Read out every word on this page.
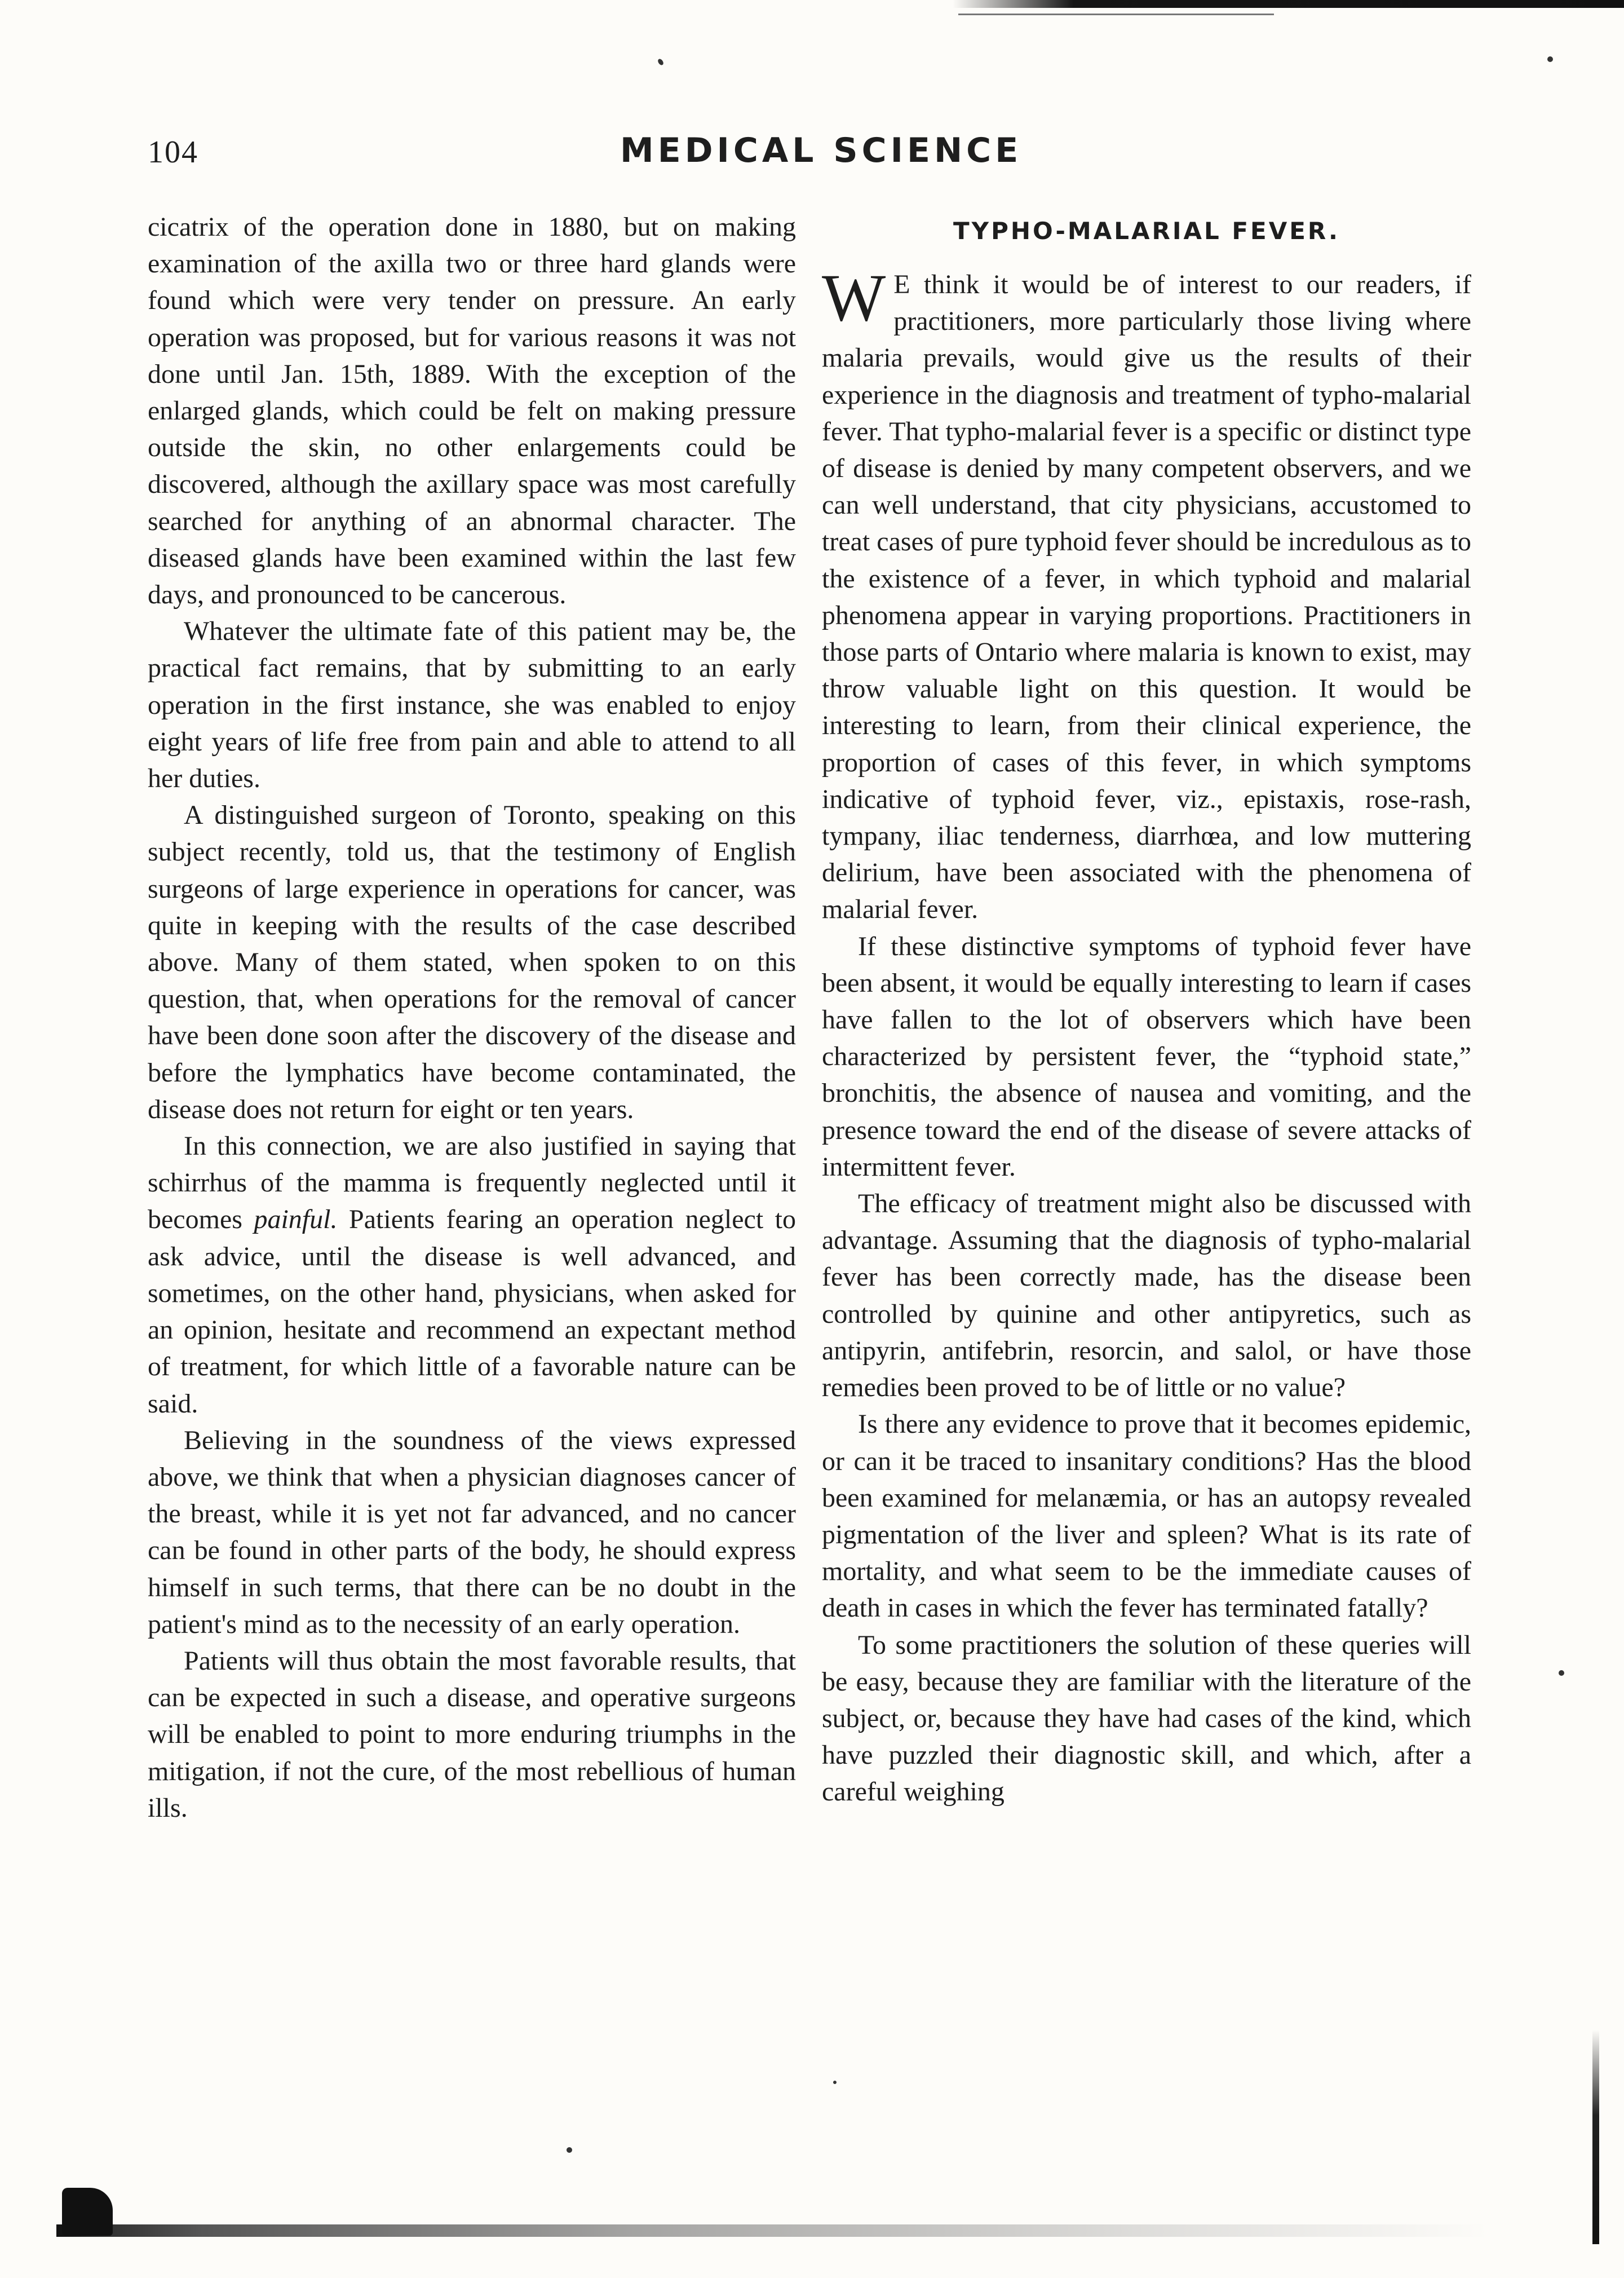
104	MEDICAL SCIENCE

cicatrix of the operation done in 1880, but on making examination of the axilla two or three hard glands were found which were very tender on pressure. An early operation was proposed, but for various reasons it was not done until Jan. 15th, 1889. With the exception of the enlarged glands, which could be felt on making pressure outside the skin, no other enlargements could be discovered, although the axillary space was most carefully searched for anything of an abnormal character. The diseased glands have been examined within the last few days, and pronounced to be cancerous.

Whatever the ultimate fate of this patient may be, the practical fact remains, that by submitting to an early operation in the first instance, she was enabled to enjoy eight years of life free from pain and able to attend to all her duties.

A distinguished surgeon of Toronto, speaking on this subject recently, told us, that the testimony of English surgeons of large experience in operations for cancer, was quite in keeping with the results of the case described above. Many of them stated, when spoken to on this question, that, when operations for the removal of cancer have been done soon after the discovery of the disease and before the lymphatics have become contaminated, the disease does not return for eight or ten years.

In this connection, we are also justified in saying that schirrhus of the mamma is frequently neglected until it becomes painful. Patients fearing an operation neglect to ask advice, until the disease is well advanced, and sometimes, on the other hand, physicians, when asked for an opinion, hesitate and recommend an expectant method of treatment, for which little of a favorable nature can be said.

Believing in the soundness of the views expressed above, we think that when a physician diagnoses cancer of the breast, while it is yet not far advanced, and no cancer can be found in other parts of the body, he should express himself in such terms, that there can be no doubt in the patient's mind as to the necessity of an early operation.

Patients will thus obtain the most favorable results, that can be expected in such a disease, and operative surgeons will be enabled to point to more enduring triumphs in the mitigation, if not the cure, of the most rebellious of human ills.

TYPHO-MALARIAL FEVER.

W E think it would be of interest to our readers, if practitioners, more particularly those living where malaria prevails, would give us the results of their experience in the diagnosis and treatment of typho-malarial fever. That typho-malarial fever is a specific or distinct type of disease is denied by many competent observers, and we can well understand, that city physicians, accustomed to treat cases of pure typhoid fever should be incredulous as to the existence of a fever, in which typhoid and malarial phenomena appear in varying proportions. Practitioners in those parts of Ontario where malaria is known to exist, may throw valuable light on this question. It would be interesting to learn, from their clinical experience, the proportion of cases of this fever, in which symptoms indicative of typhoid fever, viz., epistaxis, rose-rash, tympany, iliac tenderness, diarrhœa, and low muttering delirium, have been associated with the phenomena of malarial fever.

If these distinctive symptoms of typhoid fever have been absent, it would be equally interesting to learn if cases have fallen to the lot of observers which have been characterized by persistent fever, the “typhoid state,” bronchitis, the absence of nausea and vomiting, and the presence toward the end of the disease of severe attacks of intermittent fever.

The efficacy of treatment might also be discussed with advantage. Assuming that the diagnosis of typho-malarial fever has been correctly made, has the disease been controlled by quinine and other antipyretics, such as antipyrin, antifebrin, resorcin, and salol, or have those remedies been proved to be of little or no value?

Is there any evidence to prove that it becomes epidemic, or can it be traced to insanitary conditions? Has the blood been examined for melanæmia, or has an autopsy revealed pigmentation of the liver and spleen? What is its rate of mortality, and what seem to be the immediate causes of death in cases in which the fever has terminated fatally?

To some practitioners the solution of these queries will be easy, because they are familiar with the literature of the subject, or, because they have had cases of the kind, which have puzzled their diagnostic skill, and which, after a careful weighing
